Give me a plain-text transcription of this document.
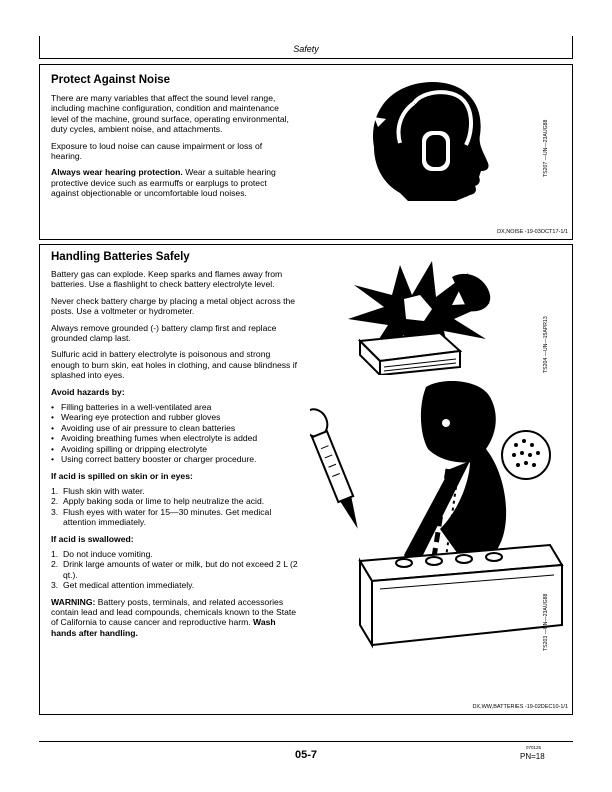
Safety
Protect Against Noise

There are many variables that affect the sound level range, including machine configuration, condition and maintenance level of the machine, ground surface, operating environmental, duty cycles, ambient noise, and attachments.

Exposure to loud noise can cause impairment or loss of hearing.

Always wear hearing protection. Wear a suitable hearing protective device such as earmuffs or earplugs to protect against objectionable or uncomfortable loud noises.

TS207 —UN—23AUG88
DX,NOISE -19-03OCT17-1/1
Handling Batteries Safely

Battery gas can explode. Keep sparks and flames away from batteries. Use a flashlight to check battery electrolyte level.

Never check battery charge by placing a metal object across the posts. Use a voltmeter or hydrometer.

Always remove grounded (-) battery clamp first and replace grounded clamp last.

Sulfuric acid in battery electrolyte is poisonous and strong enough to burn skin, eat holes in clothing, and cause blindness if splashed into eyes.

Avoid hazards by:
• Filling batteries in a well-ventilated area
• Wearing eye protection and rubber gloves
• Avoiding use of air pressure to clean batteries
• Avoiding breathing fumes when electrolyte is added
• Avoiding spilling or dripping electrolyte
• Using correct battery booster or charger procedure.
If acid is spilled on skin or in eyes:
1. Flush skin with water.
2. Apply baking soda or lime to help neutralize the acid.
3. Flush eyes with water for 15—30 minutes. Get medical attention immediately.
If acid is swallowed:
1. Do not induce vomiting.
2. Drink large amounts of water or milk, but do not exceed 2 L (2 qt.).
3. Get medical attention immediately.

WARNING: Battery posts, terminals, and related accessories contain lead and lead compounds, chemicals known to the State of California to cause cancer and reproductive harm. Wash hands after handling.

TS204 —UN—15APR13
TS203 —UN—23AUG88
DX,WW,BATTERIES -19-02DEC10-1/1
05-7
070125
PN=18
